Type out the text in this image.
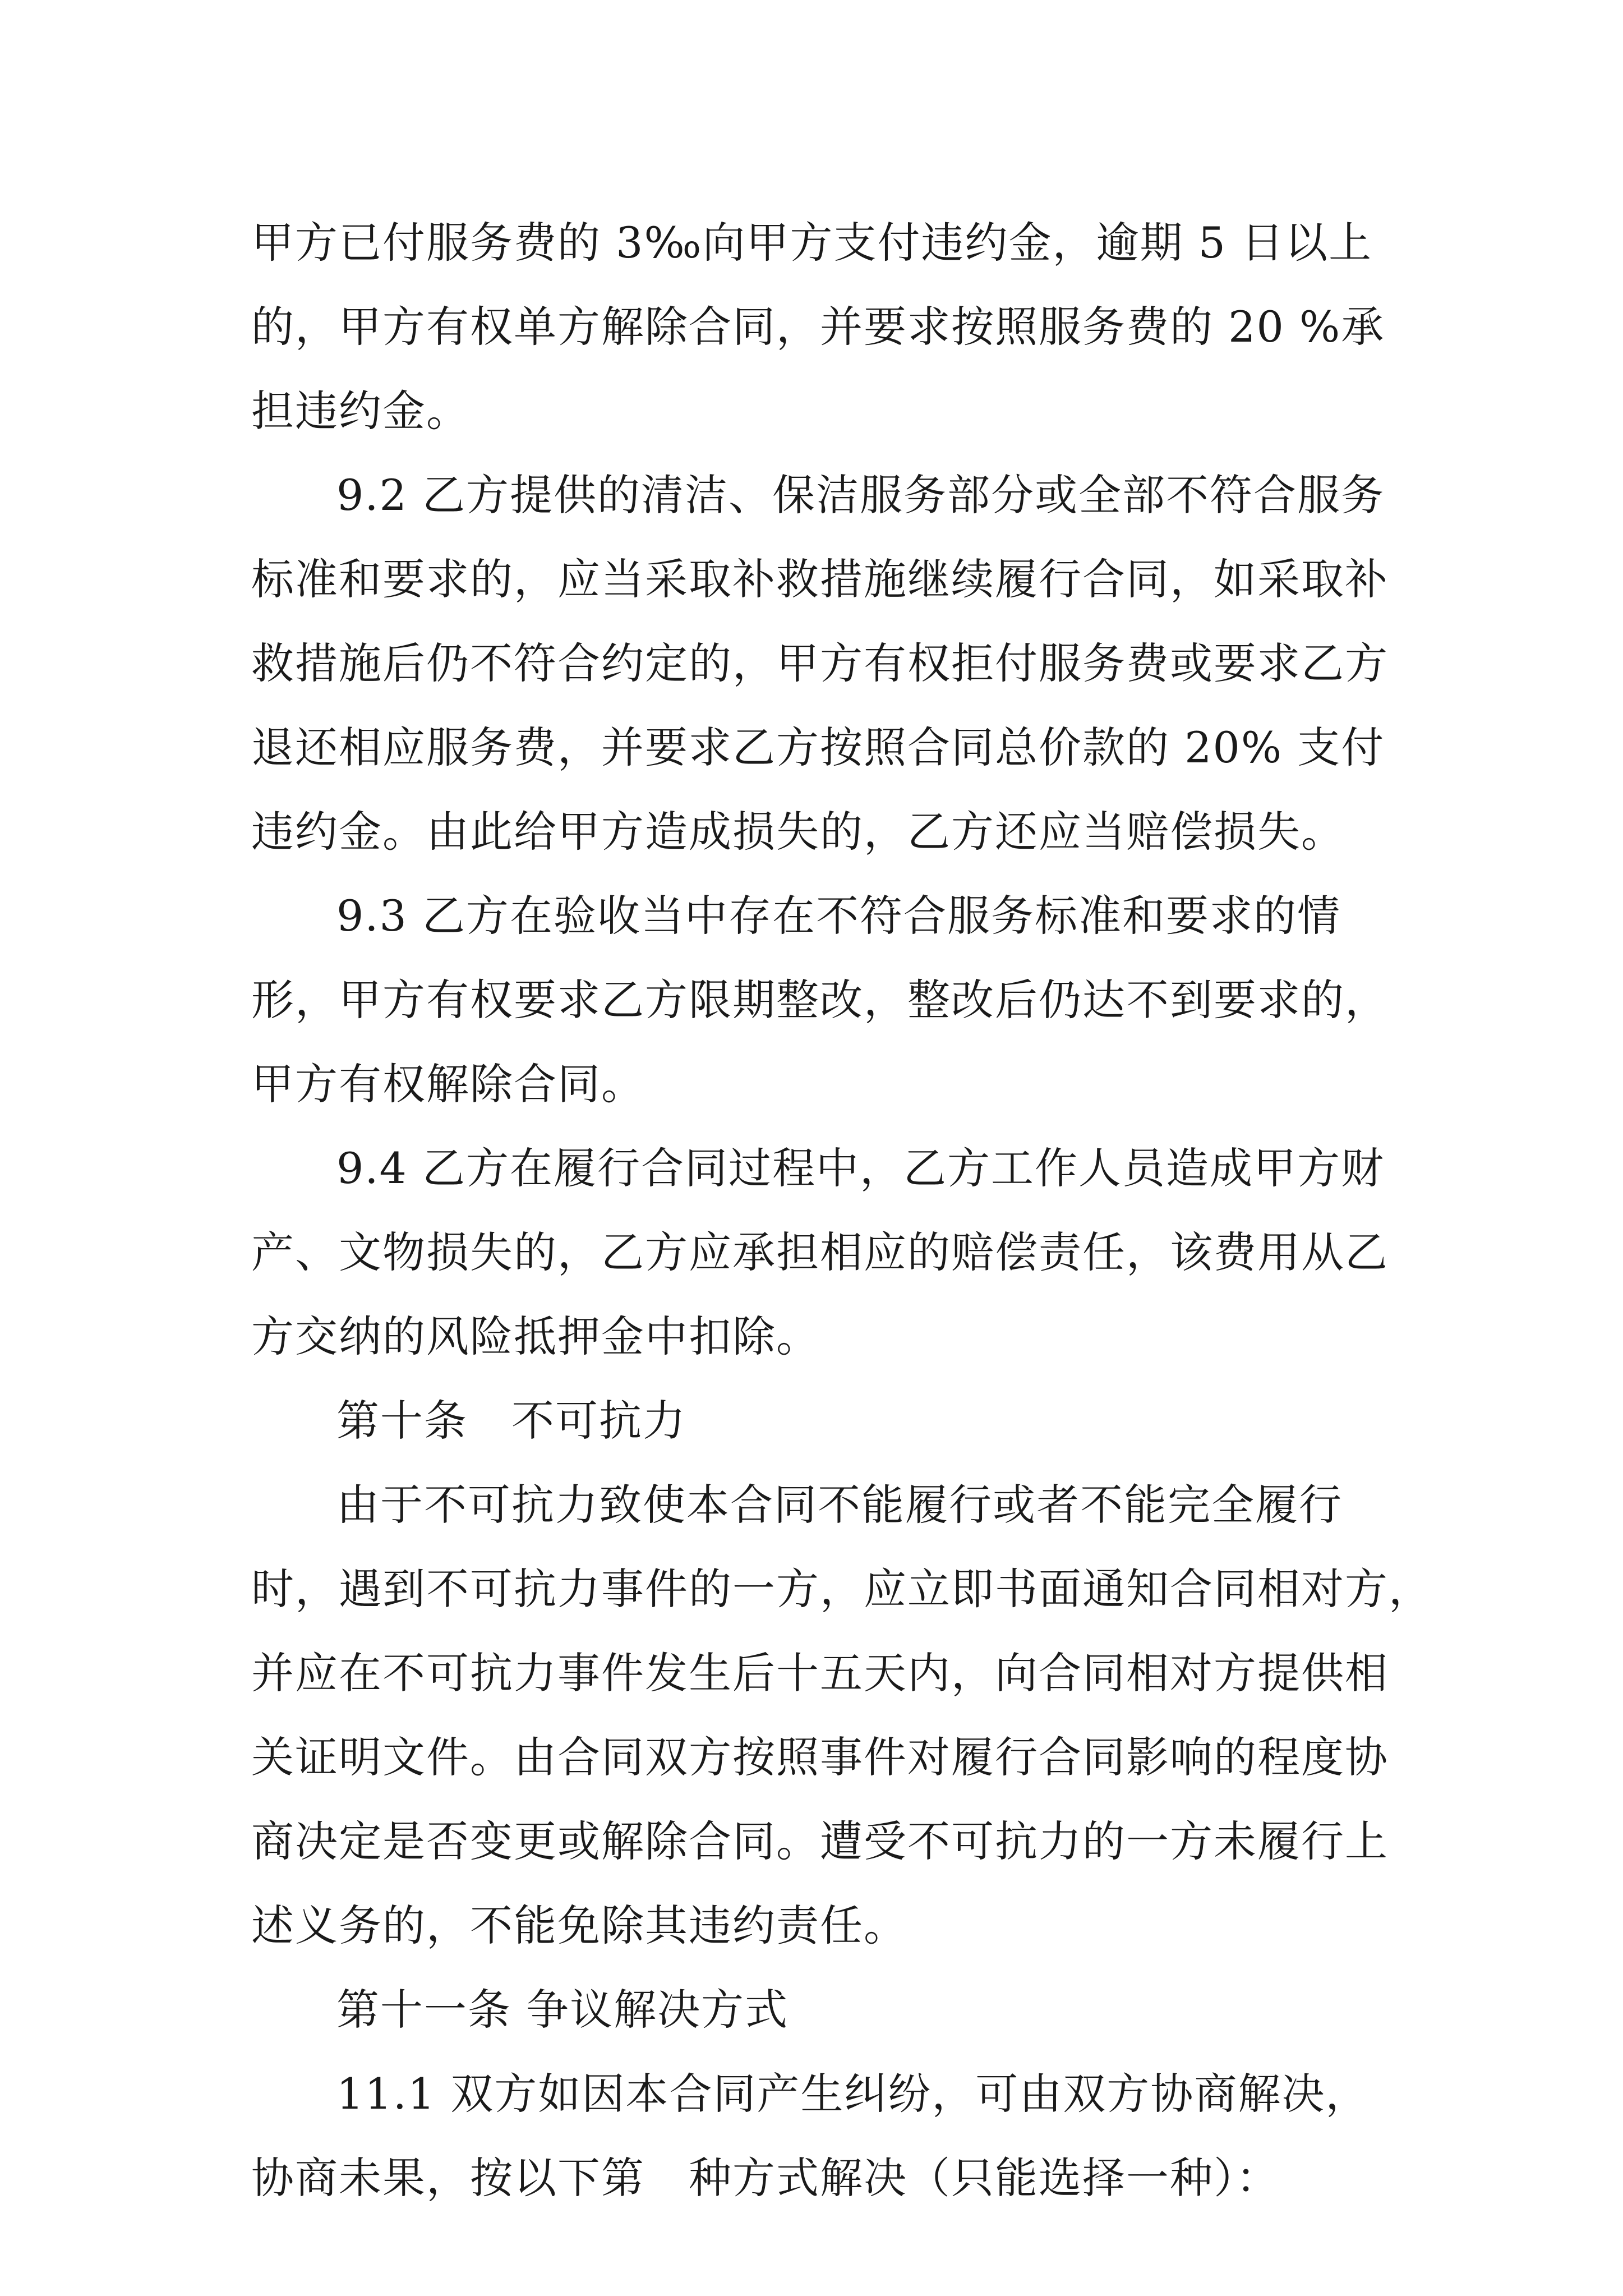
甲方已付服务费的 3‰向甲方支付违约金，逾期 5 日以上

的，甲方有权单方解除合同，并要求按照服务费的 20 %承

担违约金。

9.2 乙方提供的清洁、保洁服务部分或全部不符合服务

标准和要求的，应当采取补救措施继续履行合同，如采取补

救措施后仍不符合约定的，甲方有权拒付服务费或要求乙方

退还相应服务费，并要求乙方按照合同总价款的 20% 支付

违约金。由此给甲方造成损失的，乙方还应当赔偿损失。

9.3 乙方在验收当中存在不符合服务标准和要求的情

形，甲方有权要求乙方限期整改，整改后仍达不到要求的，

甲方有权解除合同。

9.4 乙方在履行合同过程中，乙方工作人员造成甲方财

产、文物损失的，乙方应承担相应的赔偿责任，该费用从乙

方交纳的风险抵押金中扣除。

第十条　不可抗力

由于不可抗力致使本合同不能履行或者不能完全履行

时，遇到不可抗力事件的一方，应立即书面通知合同相对方，

并应在不可抗力事件发生后十五天内，向合同相对方提供相

关证明文件。由合同双方按照事件对履行合同影响的程度协

商决定是否变更或解除合同。遭受不可抗力的一方未履行上

述义务的，不能免除其违约责任。

第十一条 争议解决方式

11.1 双方如因本合同产生纠纷，可由双方协商解决，

协商未果，按以下第　种方式解决（只能选择一种）：
